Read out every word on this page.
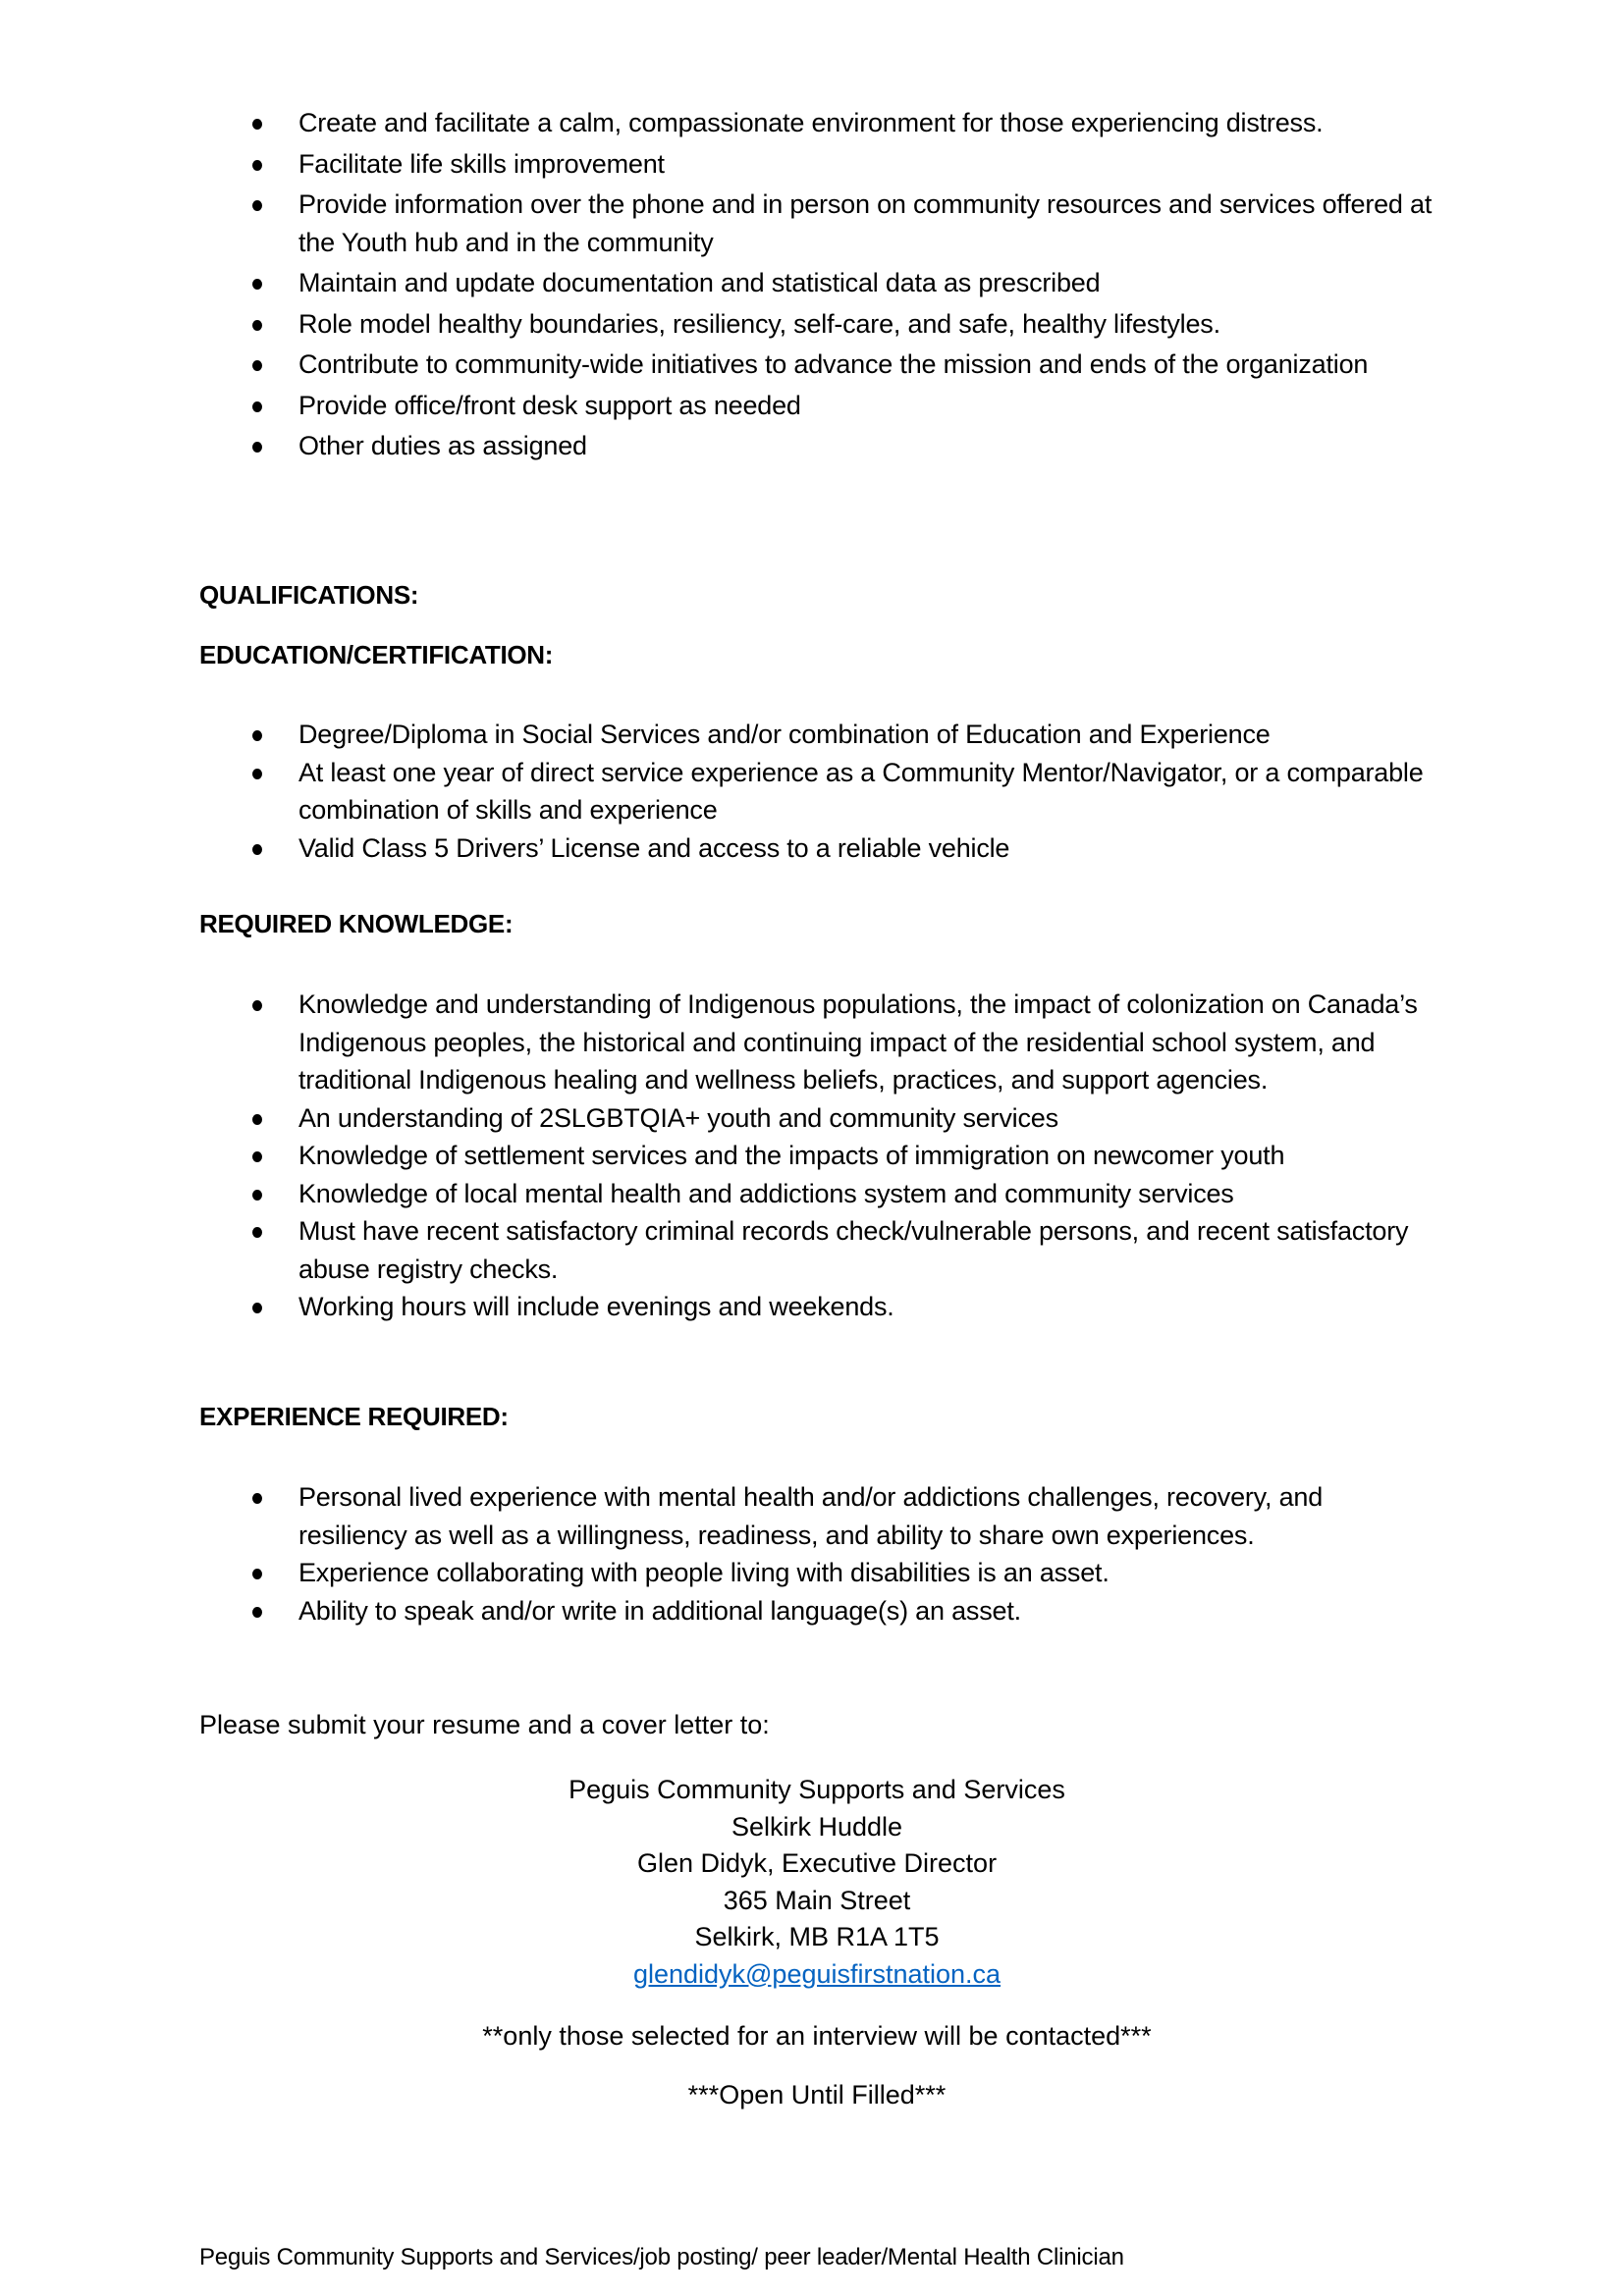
Create and facilitate a calm, compassionate environment for those experiencing distress.
Facilitate life skills improvement
Provide information over the phone and in person on community resources and services offered at the Youth hub and in the community
Maintain and update documentation and statistical data as prescribed
Role model healthy boundaries, resiliency, self-care, and safe, healthy lifestyles.
Contribute to community-wide initiatives to advance the mission and ends of the organization
Provide office/front desk support as needed
Other duties as assigned
QUALIFICATIONS:
EDUCATION/CERTIFICATION:
Degree/Diploma in Social Services and/or combination of Education and Experience
At least one year of direct service experience as a Community Mentor/Navigator, or a comparable combination of skills and experience
Valid Class 5 Drivers’ License and access to a reliable vehicle
REQUIRED KNOWLEDGE:
Knowledge and understanding of Indigenous populations, the impact of colonization on Canada’s Indigenous peoples, the historical and continuing impact of the residential school system, and traditional Indigenous healing and wellness beliefs, practices, and support agencies.
An understanding of 2SLGBTQIA+ youth and community services
Knowledge of settlement services and the impacts of immigration on newcomer youth
Knowledge of local mental health and addictions system and community services
Must have recent satisfactory criminal records check/vulnerable persons, and recent satisfactory abuse registry checks.
Working hours will include evenings and weekends.
EXPERIENCE REQUIRED:
Personal lived experience with mental health and/or addictions challenges, recovery, and resiliency as well as a willingness, readiness, and ability to share own experiences.
Experience collaborating with people living with disabilities is an asset.
Ability to speak and/or write in additional language(s) an asset.
Please submit your resume and a cover letter to:
Peguis Community Supports and Services
Selkirk Huddle
Glen Didyk, Executive Director
365 Main Street
Selkirk, MB R1A 1T5
glendidyk@peguisfirstnation.ca
**only those selected for an interview will be contacted***
***Open Until Filled***
Peguis Community Supports and Services/job posting/ peer leader/Mental Health Clinician
